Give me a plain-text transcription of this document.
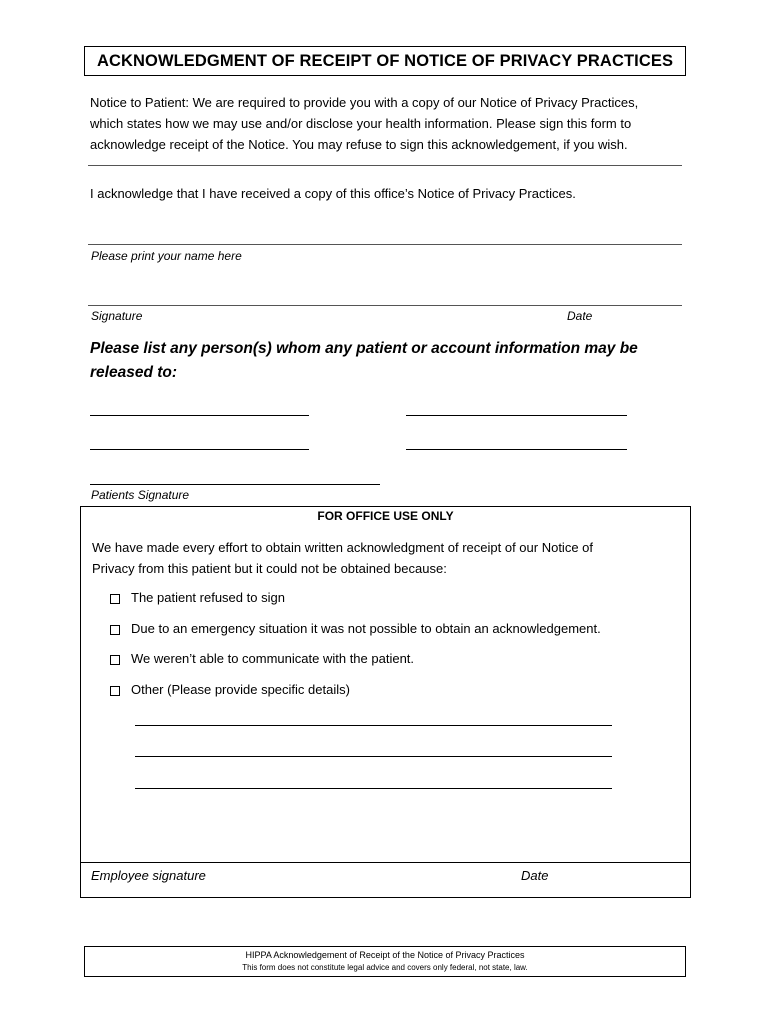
ACKNOWLEDGMENT OF RECEIPT OF NOTICE OF PRIVACY PRACTICES
Notice to Patient: We are required to provide you with a copy of our Notice of Privacy Practices,
which states how we may use and/or disclose your health information. Please sign this form to
acknowledge receipt of the Notice. You may refuse to sign this acknowledgement, if you wish.
I acknowledge that I have received a copy of this office’s Notice of Privacy Practices.
Please print your name here
Signature	Date
Please list any person(s) whom any patient or account information may be
released to:
Patients Signature
FOR OFFICE USE ONLY
We have made every effort to obtain written acknowledgment of receipt of our Notice of
Privacy from this patient but it could not be obtained because:
The patient refused to sign
Due to an emergency situation it was not possible to obtain an acknowledgement.
We weren’t able to communicate with the patient.
Other (Please provide specific details)
Employee signature	Date
HIPPA Acknowledgement of Receipt of the Notice of Privacy Practices
This form does not constitute legal advice and covers only federal, not state, law.
